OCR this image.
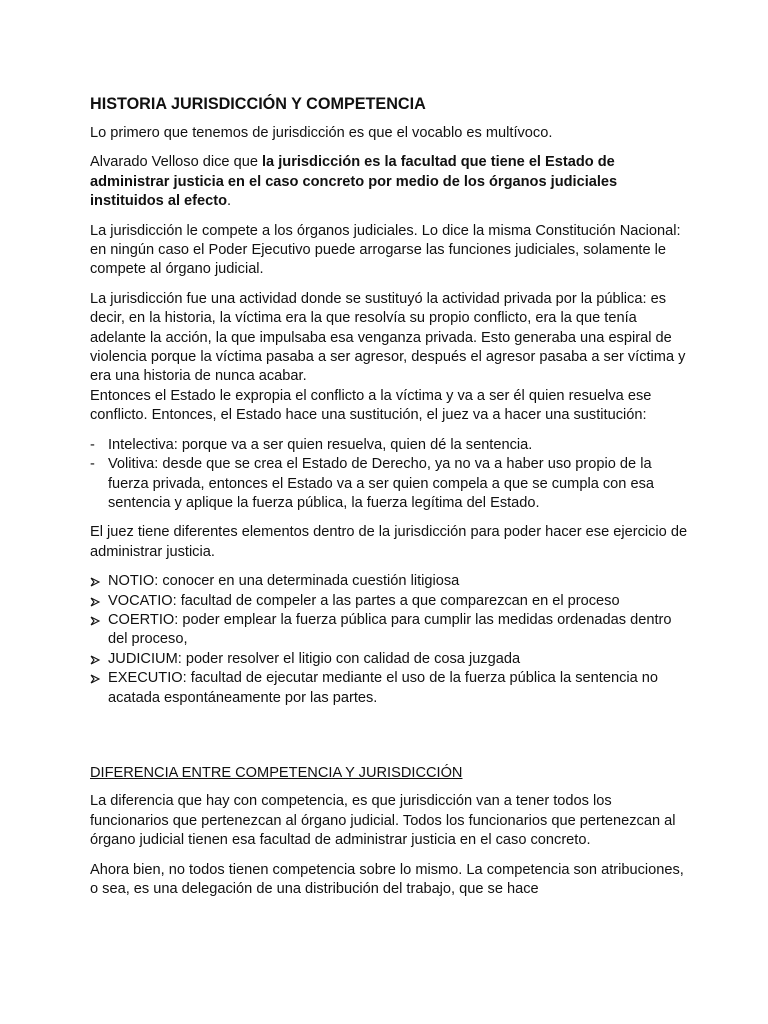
HISTORIA JURISDICCIÓN Y COMPETENCIA

Lo primero que tenemos de jurisdicción es que el vocablo es multívoco.

Alvarado Velloso dice que la jurisdicción es la facultad que tiene el Estado de administrar justicia en el caso concreto por medio de los órganos judiciales instituidos al efecto.

La jurisdicción le compete a los órganos judiciales. Lo dice la misma Constitución Nacional: en ningún caso el Poder Ejecutivo puede arrogarse las funciones judiciales, solamente le compete al órgano judicial.

La jurisdicción fue una actividad donde se sustituyó la actividad privada por la pública: es decir, en la historia, la víctima era la que resolvía su propio conflicto, era la que tenía adelante la acción, la que impulsaba esa venganza privada. Esto generaba una espiral de violencia porque la víctima pasaba a ser agresor, después el agresor pasaba a ser víctima y era una historia de nunca acabar.
Entonces el Estado le expropia el conflicto a la víctima y va a ser él quien resuelva ese conflicto. Entonces, el Estado hace una sustitución, el juez va a hacer una sustitución:

- Intelectiva: porque va a ser quien resuelva, quien dé la sentencia.
- Volitiva: desde que se crea el Estado de Derecho, ya no va a haber uso propio de la fuerza privada, entonces el Estado va a ser quien compela a que se cumpla con esa sentencia y aplique la fuerza pública, la fuerza legítima del Estado.

El juez tiene diferentes elementos dentro de la jurisdicción para poder hacer ese ejercicio de administrar justicia.

NOTIO: conocer en una determinada cuestión litigiosa
VOCATIO: facultad de compeler a las partes a que comparezcan en el proceso
COERTIO: poder emplear la fuerza pública para cumplir las medidas ordenadas dentro del proceso,
JUDICIUM: poder resolver el litigio con calidad de cosa juzgada
EXECUTIO: facultad de ejecutar mediante el uso de la fuerza pública la sentencia no acatada espontáneamente por las partes.
DIFERENCIA ENTRE COMPETENCIA Y JURISDICCIÓN

La diferencia que hay con competencia, es que jurisdicción van a tener todos los funcionarios que pertenezcan al órgano judicial. Todos los funcionarios que pertenezcan al órgano judicial tienen esa facultad de administrar justicia en el caso concreto.

Ahora bien, no todos tienen competencia sobre lo mismo. La competencia son atribuciones, o sea, es una delegación de una distribución del trabajo, que se hace
